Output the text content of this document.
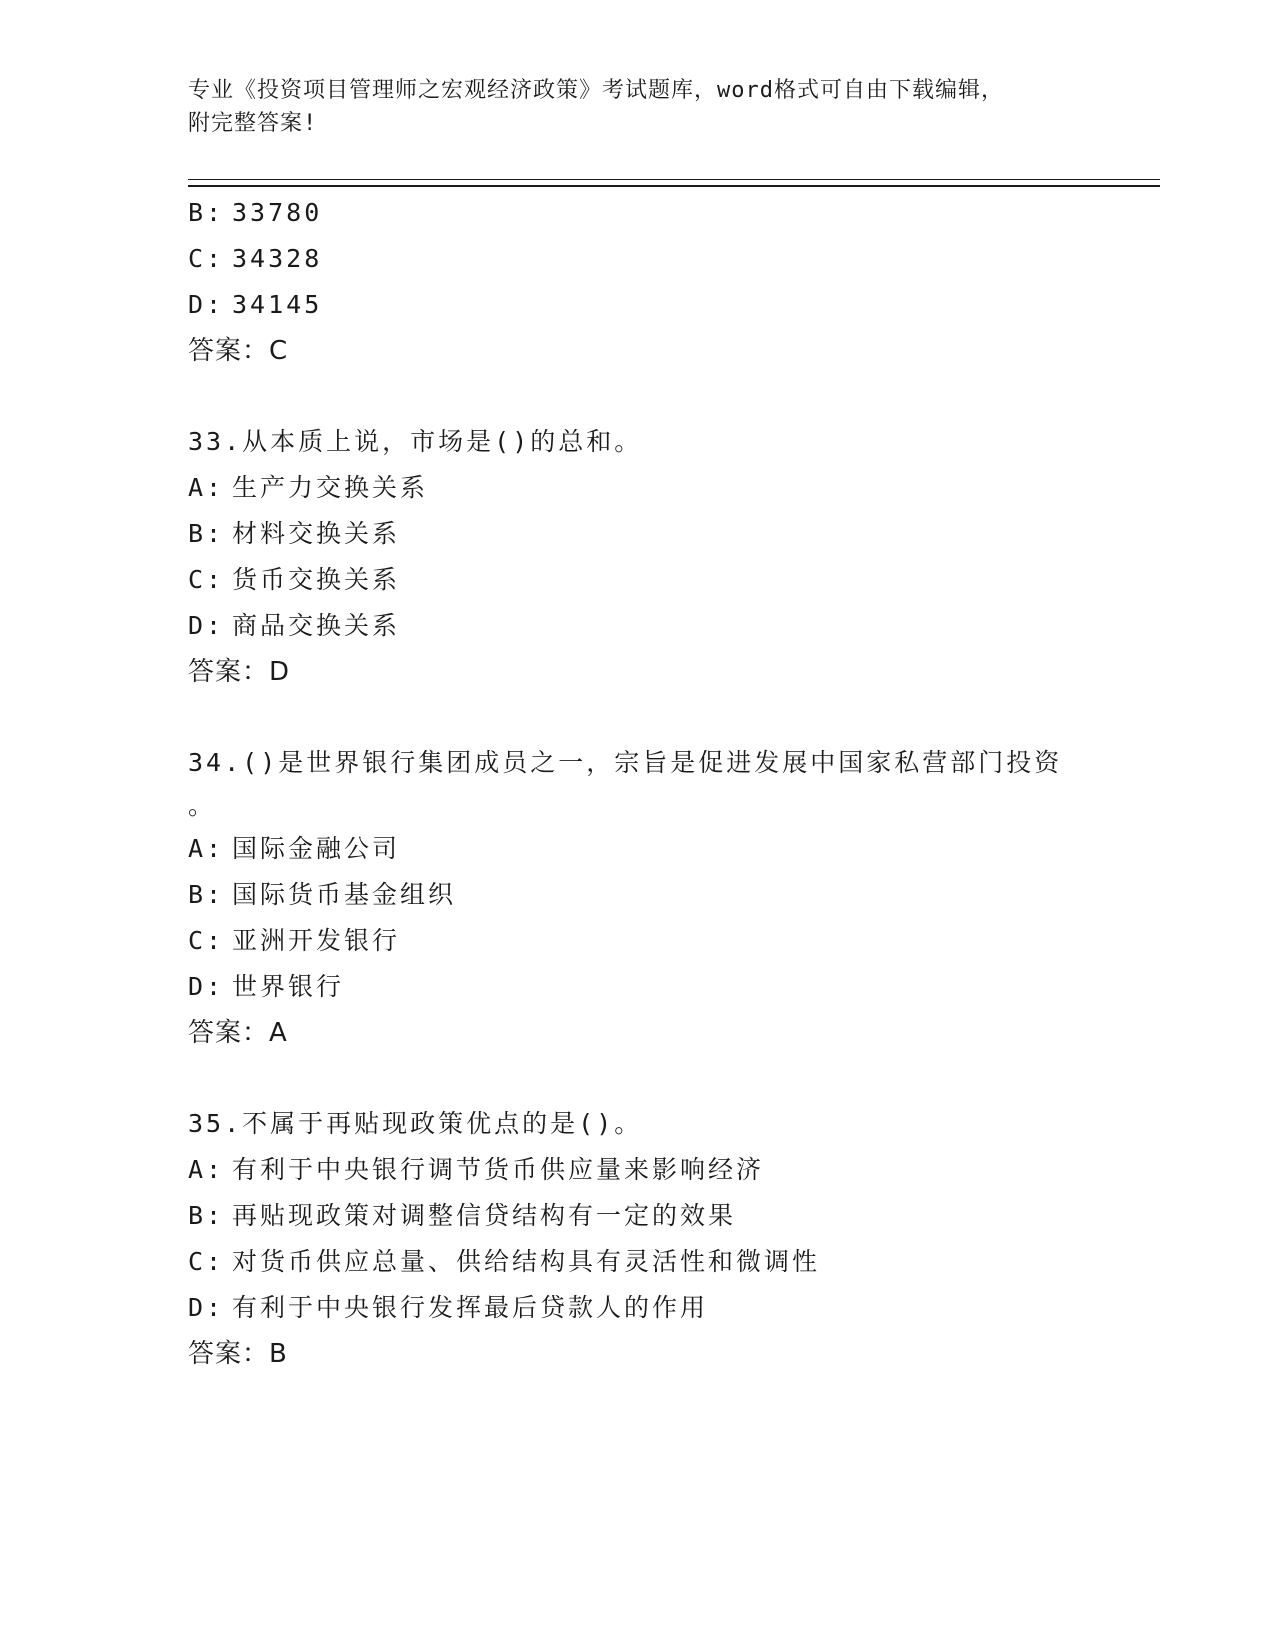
专业《投资项目管理师之宏观经济政策》考试题库，word格式可自由下载编辑，
附完整答案!
B: 33780
C: 34328
D: 34145
答案：C
33.从本质上说，市场是()的总和。
A: 生产力交换关系
B: 材料交换关系
C: 货币交换关系
D: 商品交换关系
答案：D
34.()是世界银行集团成员之一，宗旨是促进发展中国家私营部门投资
。
A: 国际金融公司
B: 国际货币基金组织
C: 亚洲开发银行
D: 世界银行
答案：A
35.不属于再贴现政策优点的是()。
A: 有利于中央银行调节货币供应量来影响经济
B: 再贴现政策对调整信贷结构有一定的效果
C: 对货币供应总量、供给结构具有灵活性和微调性
D: 有利于中央银行发挥最后贷款人的作用
答案：B
